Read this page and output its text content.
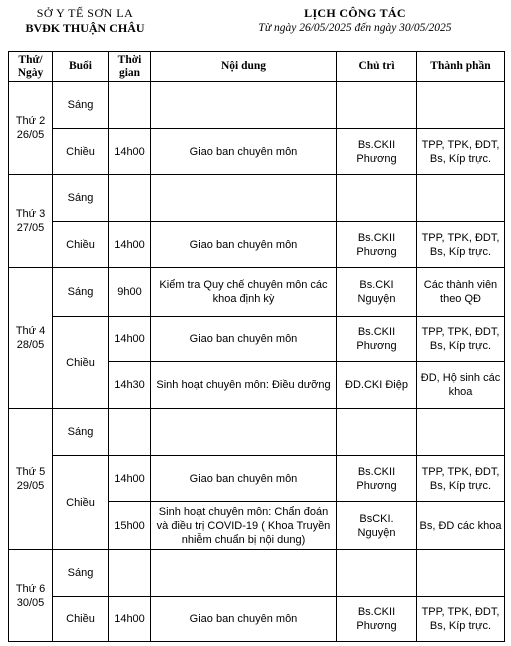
SỞ Y TẾ SƠN LA
BVĐK THUẬN CHÂU
LỊCH CÔNG TÁC
Từ ngày 26/05/2025 đến ngày 30/05/2025
Thứ/ Ngày	Buổi	Thời gian	Nội dung	Chủ trì	Thành phần
Thứ 2 26/05	Sáng				
	Chiều	14h00	Giao ban chuyên môn	Bs.CKII Phương	TPP, TPK, ĐDT, Bs, Kíp trực.
Thứ 3 27/05	Sáng				
	Chiều	14h00	Giao ban chuyên môn	Bs.CKII Phương	TPP, TPK, ĐDT, Bs, Kíp trực.
Thứ 4 28/05	Sáng	9h00	Kiểm tra Quy chế chuyên môn các khoa định kỳ	Bs.CKI Nguyện	Các thành viên theo QĐ
	Chiều	14h00	Giao ban chuyên môn	Bs.CKII Phương	TPP, TPK, ĐDT, Bs, Kíp trực.
		14h30	Sinh hoạt chuyên môn: Điều dưỡng	ĐD.CKI Điệp	ĐD, Hộ sinh các khoa
Thứ 5 29/05	Sáng				
	Chiều	14h00	Giao ban chuyên môn	Bs.CKII Phương	TPP, TPK, ĐDT, Bs, Kíp trực.
		15h00	Sinh hoạt chuyên môn: Chẩn đoán và điều trị COVID-19 ( Khoa Truyền nhiễm chuẩn bị nội dung)	BsCKI. Nguyện	Bs, ĐD các khoa
Thứ 6 30/05	Sáng				
	Chiều	14h00	Giao ban chuyên môn	Bs.CKII Phương	TPP, TPK, ĐDT, Bs, Kíp trực.
